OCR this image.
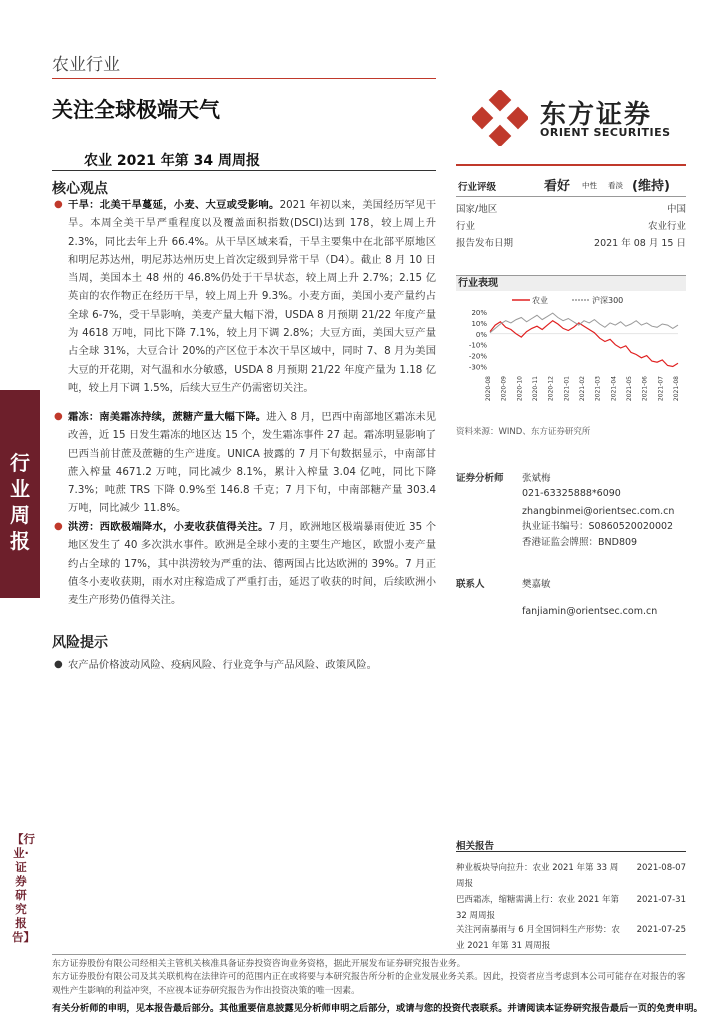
农业行业
关注全球极端天气
农业 2021 年第 34 周周报
东方证券
ORIENT SECURITIES
核心观点
● 干旱：北美干旱蔓延，小麦、大豆或受影响。2021 年初以来，美国经历罕见干旱。本周全美干旱严重程度以及覆盖面积指数(DSCI)达到 178，较上周上升 2.3%，同比去年上升 66.4%。从干旱区域来看，干旱主要集中在北部平原地区和明尼苏达州，明尼苏达州历史上首次定级到异常干旱（D4）。截止 8 月 10 日当周，美国本土 48 州的 46.8%仍处于干旱状态，较上周上升 2.7%；2.15 亿英亩的农作物正在经历干旱，较上周上升 9.3%。小麦方面，美国小麦产量约占全球 6-7%，受干旱影响，美麦产量大幅下滑，USDA 8 月预期 21/22 年度产量为 4618 万吨，同比下降 7.1%，较上月下调 2.8%；大豆方面，美国大豆产量占全球 31%，大豆合计 20%的产区位于本次干旱区域中，同时 7、8 月为美国大豆的开花期，对气温和水分敏感，USDA 8 月预期 21/22 年度产量为 1.18 亿吨，较上月下调 1.5%，后续大豆生产仍需密切关注。
● 霜冻：南美霜冻持续，蔗糖产量大幅下降。进入 8 月，巴西中南部地区霜冻未见改善，近 15 日发生霜冻的地区达 15 个，发生霜冻事件 27 起。霜冻明显影响了巴西当前甘蔗及蔗糖的生产进度。UNICA 披露的 7 月下旬数据显示，中南部甘蔗入榨量 4671.2 万吨，同比减少 8.1%，累计入榨量 3.04 亿吨，同比下降 7.3%；吨蔗 TRS 下降 0.9%至 146.8 千克；7 月下旬，中南部糖产量 303.4 万吨，同比减少 11.8%。
● 洪涝：西欧极端降水，小麦收获值得关注。7 月，欧洲地区极端暴雨使近 35 个地区发生了 40 多次洪水事件。欧洲是全球小麦的主要生产地区，欧盟小麦产量约占全球的 17%，其中洪涝较为严重的法、德两国占比达欧洲的 39%。7 月正值冬小麦收获期，雨水对庄稼造成了严重打击，延迟了收获的时间，后续欧洲小麦生产形势仍值得关注。
风险提示
● 农产品价格波动风险、疫病风险、行业竞争与产品风险、政策风险。
行业周报
【行业·证券研究报告】
行业评级	看好 中性 看淡 (维持)
国家/地区	中国
行业	农业行业
报告发布日期	2021 年 08 月 15 日
行业表现
20%
10%
0%
-10%
-20%
-30%
农业	沪深300
2020-08 2020-09 2020-10 2020-11 2020-12 2021-01 2021-02 2021-03 2021-04 2021-05 2021-06 2021-07 2021-08
资料来源：WIND、东方证券研究所
证券分析师 张斌梅
021-63325888*6090
zhangbinmei@orientsec.com.cn
执业证书编号：S0860520020002
香港证监会牌照：BND809
联系人	樊嘉敏
fanjiamin@orientsec.com.cn
相关报告
种业板块导向拉升：农业 2021 年第 33 周周报
2021-08-07
巴西霜冻，缩糖需满上行：农业 2021 年第 32 周周报
2021-07-31
关注河南暴雨与 6 月全国饲料生产形势：农业 2021 年第 31 周周报
2021-07-25
东方证券股份有限公司经相关主管机关核准具备证券投资咨询业务资格，据此开展发布证券研究报告业务。
东方证券股份有限公司及其关联机构在法律许可的范围内正在或将要与本研究报告所分析的企业发展业务关系。因此，投资者应当考虑到本公司可能存在对报告的客观性产生影响的利益冲突，不应视本证券研究报告为作出投资决策的唯一因素。
有关分析师的申明，见本报告最后部分。其他重要信息披露见分析师申明之后部分，或请与您的投资代表联系。并请阅读本证券研究报告最后一页的免责申明。
